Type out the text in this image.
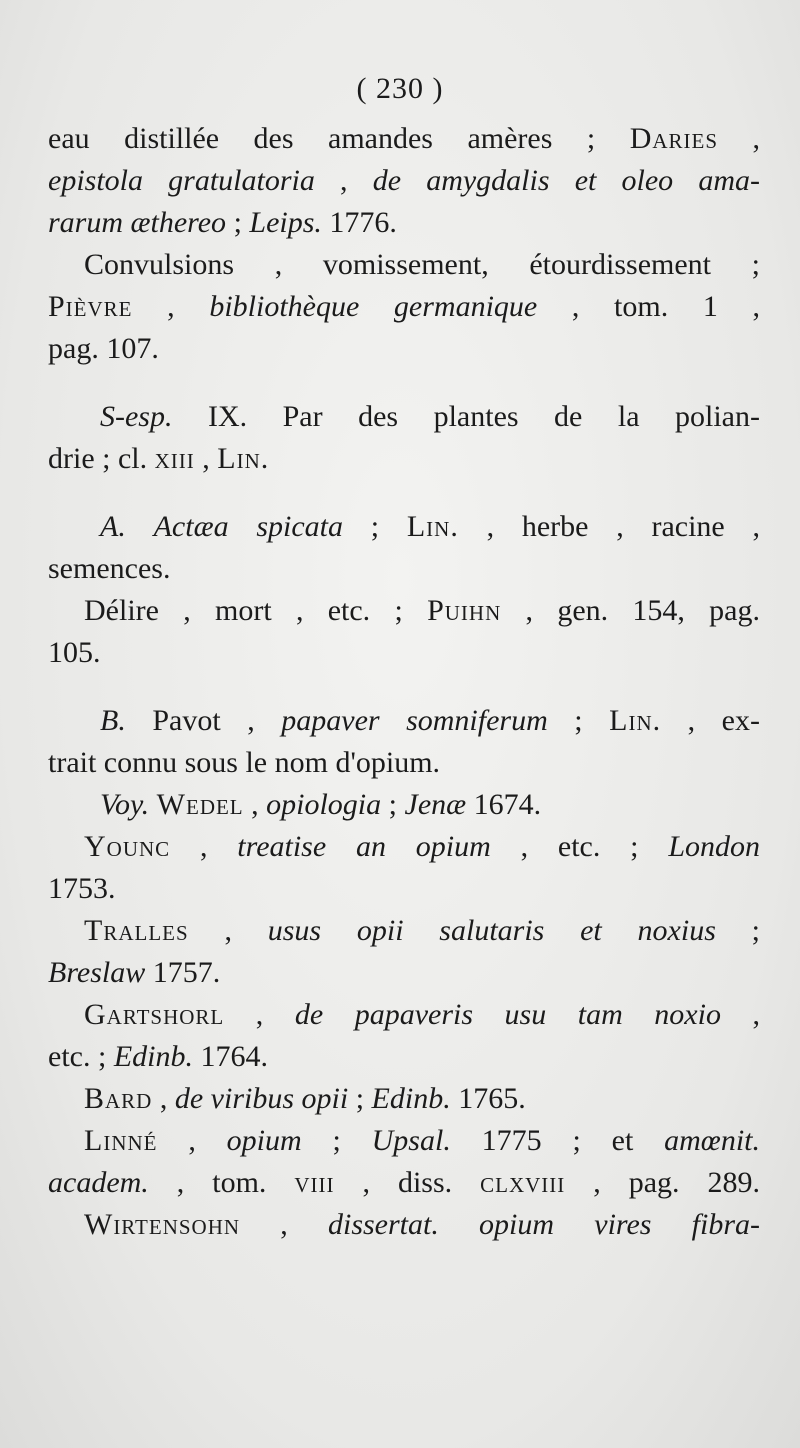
( 230 )
eau distillée des amandes amères ; Daries ,
epistola gratulatoria , de amygdalis et oleo ama-
rarum æthereo ; Leips. 1776.
Convulsions , vomissement, étourdissement ;
Pièvre , bibliothèque germanique , tom. 1 ,
pag. 107.
S-esp. IX. Par des plantes de la polian-
drie ; cl. xiii , Lin.
A. Actæa spicata ; Lin. , herbe , racine ,
semences.
Délire , mort , etc. ; Puihn , gen. 154, pag.
105.
B. Pavot , papaver somniferum ; Lin. , ex-
trait connu sous le nom d'opium.
Voy. Wedel , opiologia ; Jenæ 1674.
Younc , treatise an opium , etc. ; London
1753.
Tralles , usus opii salutaris et noxius ;
Breslaw 1757.
Gartshorl , de papaveris usu tam noxio ,
etc. ; Edinb. 1764.
Bard , de viribus opii ; Edinb. 1765.
Linné , opium ; Upsal. 1775 ; et amœnit.
academ. , tom. viii , diss. clxviii , pag. 289.
Wirtensohn , dissertat. opium vires fibra-
